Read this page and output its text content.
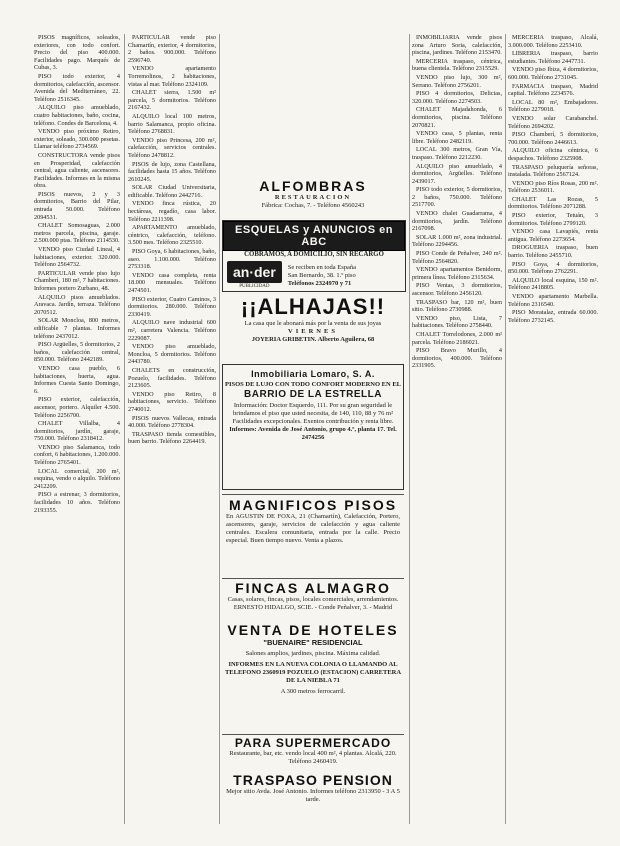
PISOS magníficos, soleados, exteriores, con todo confort. Precio del piso 400.000. Facilidades pago. Marqués de Cubas, 3.

PISO todo exterior, 4 dormitorios, calefacción, ascensor. Avenida del Mediterráneo, 22. Teléfono 2516345.

ALQUILO piso amueblado, cuatro habitaciones, baño, cocina, teléfono. Condes de Barcelona, 4.

VENDO piso próximo Retiro, exterior, soleado, 300.000 pesetas. Llamar teléfono 2734569.

CONSTRUCTORA vende pisos en Prosperidad, calefacción central, agua caliente, ascensores. Facilidades. Informes en la misma obra.

PISOS nuevos, 2 y 3 dormitorios, Barrio del Pilar, entrada 50.000. Teléfono 2094531.

CHALET Somosaguas, 2.000 metros parcela, piscina, garaje. 2.500.000 ptas. Teléfono 2114530.

VENDO piso Ciudad Lineal, 4 habitaciones, exterior. 320.000. Teléfono 2564732.

PARTICULAR vende piso lujo Chamberí, 180 m², 7 habitaciones. Informes portero Zurbano, 48.

ALQUILO pisos amueblados. Aravaca. Jardín, terraza. Teléfono 2070512.

SOLAR Moncloa, 800 metros, edificable 7 plantas. Informes teléfono 2437012.

PISO Argüelles, 5 dormitorios, 2 baños, calefacción central, 850.000. Teléfono 2442189.

VENDO casa pueblo, 6 habitaciones, huerta, agua. Informes Cuesta Santo Domingo, 6.

PISO exterior, calefacción, ascensor, portero. Alquiler 4.500. Teléfono 2256700.

CHALET Villalba, 4 dormitorios, jardín, garaje, 750.000. Teléfono 2318412.

VENDO piso Salamanca, todo confort, 6 habitaciones, 1.200.000. Teléfono 2765401.

LOCAL comercial, 200 m², esquina, vendo o alquilo. Teléfono 2412209.

PISO a estrenar, 3 dormitorios, facilidades 10 años. Teléfono 2193355.

PARTICULAR vende piso Chamartín, exterior, 4 dormitorios, 2 baños. 900.000. Teléfono 2596740.

VENDO apartamento Torremolinos, 2 habitaciones, vistas al mar. Teléfono 2324109.

CHALET sierra, 1.500 m² parcela, 5 dormitorios. Teléfono 2167432.

ALQUILO local 100 metros, barrio Salamanca, propio oficina. Teléfono 2768831.

VENDO piso Princesa, 200 m², calefacción, servicios centrales. Teléfono 2478812.

PISOS de lujo, zona Castellana, facilidades hasta 15 años. Teléfono 2610245.

SOLAR Ciudad Universitaria, edificable. Teléfono 2442716.

VENDO finca rústica, 20 hectáreas, regadío, casa labor. Teléfono 2211398.

APARTAMENTO amueblado, céntrico, calefacción, teléfono. 3.500 mes. Teléfono 2325510.

PISO Goya, 6 habitaciones, baño, aseo. 1.100.000. Teléfono 2753318.

VENDO casa completa, renta 18.000 mensuales. Teléfono 2474501.

PISO exterior, Cuatro Caminos, 3 dormitorios. 280.000. Teléfono 2330419.

ALQUILO nave industrial 600 m², carretera Valencia. Teléfono 2229087.

VENDO piso amueblado, Moncloa, 5 dormitorios. Teléfono 2443780.

CHALETS en construcción, Pozuelo, facilidades. Teléfono 2123605.

VENDO piso Retiro, 8 habitaciones, servicio. Teléfono 2740012.

PISOS nuevos Vallecas, entrada 40.000. Teléfono 2778304.

TRASPASO tienda comestibles, buen barrio. Teléfono 2264419.

ALFOMBRAS
RESTAURACION
Fábrica: Cochas, 7. - Teléfono 4560243
ESQUELAS y ANUNCIOS en ABC
COBRAMOS, A DOMICILIO, SIN RECARGO
an·der
PUBLICIDAD
Se reciben en toda España
San Bernardo, 38. 1.º piso
Teléfonos 2324970 y 71
¡¡ALHAJAS!!
La casa que le abonará más por la venta de sus joyas
VIERNES
JOYERIA GRIBETIN. Alberto Aguilera, 68
Inmobiliaria Lomaro, S. A.
PISOS DE LUJO CON TODO CONFORT MODERNO EN EL
BARRIO DE LA ESTRELLA
Información: Doctor Esquerdo, 111. Por su gran seguridad le brindamos el piso que usted necesita, de 140, 110, 88 y 76 m²
Facilidades excepcionales. Exentos contribución y renta libre.
Informes: Avenida de José Antonio, grupo 4.º, planta 17. Tel. 2474256
MAGNIFICOS PISOS
En AGUSTIN DE FOXA, 21 (Chamartín), Calefacción, Portero, ascensores, garaje, servicios de calefacción y agua caliente centrales. Escalera comunitaria, entrada por la calle. Precio especial. Buen tiempo nuevo. Venta a plazos.
FINCAS ALMAGRO
Casas, solares, fincas, pisos, locales comerciales, arrendamientos. ERNESTO HIDALGO, SCIE. - Conde Peñalver, 3. - Madrid
VENTA DE HOTELES
"BUENAIRE" RESIDENCIAL
Salones amplios, jardines, piscina. Máxima calidad.
INFORMES EN LA NUEVA COLONIA O LLAMANDO AL TELEFONO 2360919 POZUELO (ESTACION) CARRETERA DE LA NIEBLA 71
A 300 metros ferrocarril.
PARA SUPERMERCADO
Restaurante, bar, etc. vendo local 400 m², 4 plantas. Alcalá, 220. Teléfono 2460419.
TRASPASO PENSION
Mejor sitio Avda. José Antonio. Informes teléfono 2313950 - 3 A 5 tarde.

INMOBILIARIA vende pisos zona Arturo Soria, calefacción, piscina, jardines. Teléfono 2153470.

MERCERIA traspaso, céntrica, buena clientela. Teléfono 2315529.

VENDO piso lujo, 300 m², Serrano. Teléfono 2756201.

PISO 4 dormitorios, Delicias, 320.000. Teléfono 2274503.

CHALET Majadahonda, 6 dormitorios, piscina. Teléfono 2070821.

VENDO casa, 5 plantas, renta libre. Teléfono 2482119.

LOCAL 300 metros, Gran Vía, traspaso. Teléfono 2212230.

ALQUILO piso amueblado, 4 dormitorios, Argüelles. Teléfono 2439017.

PISO todo exterior, 5 dormitorios, 2 baños, 750.000. Teléfono 2517700.

VENDO chalet Guadarrama, 4 dormitorios, jardín. Teléfono 2167098.

SOLAR 1.000 m², zona industrial. Teléfono 2294456.

PISO Conde de Peñalver, 240 m². Teléfono 2564820.

VENDO apartamentos Benidorm, primera línea. Teléfono 2315634.

PISO Ventas, 3 dormitorios, ascensor. Teléfono 2456120.

TRASPASO bar, 120 m², buen sitio. Teléfono 2730988.

VENDO piso, Lista, 7 habitaciones. Teléfono 2758440.

CHALET Torrelodones, 2.000 m² parcela. Teléfono 2186021.

PISO Bravo Murillo, 4 dormitorios, 400.000. Teléfono 2331905.

MERCERIA traspaso, Alcalá, 3.000.000. Teléfono 2253410.

LIBRERIA traspaso, barrio estudiantes. Teléfono 2447731.

VENDO piso Ibiza, 4 dormitorios, 600.000. Teléfono 2731045.

FARMACIA traspaso, Madrid capital. Teléfono 2234576.

LOCAL 80 m², Embajadores. Teléfono 2279018.

VENDO solar Carabanchel. Teléfono 2694202.

PISO Chamberí, 5 dormitorios, 700.000. Teléfono 2446613.

ALQUILO oficina céntrica, 6 despachos. Teléfono 2325908.

TRASPASO peluquería señoras, instalada. Teléfono 2567124.

VENDO piso Ríos Rosas, 200 m². Teléfono 2536011.

CHALET Las Rozas, 5 dormitorios. Teléfono 2071288.

PISO exterior, Tetuán, 3 dormitorios. Teléfono 2799120.

VENDO casa Lavapiés, renta antigua. Teléfono 2273654.

DROGUERIA traspaso, buen barrio. Teléfono 2455710.

PISO Goya, 4 dormitorios, 850.000. Teléfono 2762291.

ALQUILO local esquina, 150 m². Teléfono 2418805.

VENDO apartamento Marbella. Teléfono 2316540.

PISO Moratalaz, entrada 60.000. Teléfono 2732145.
